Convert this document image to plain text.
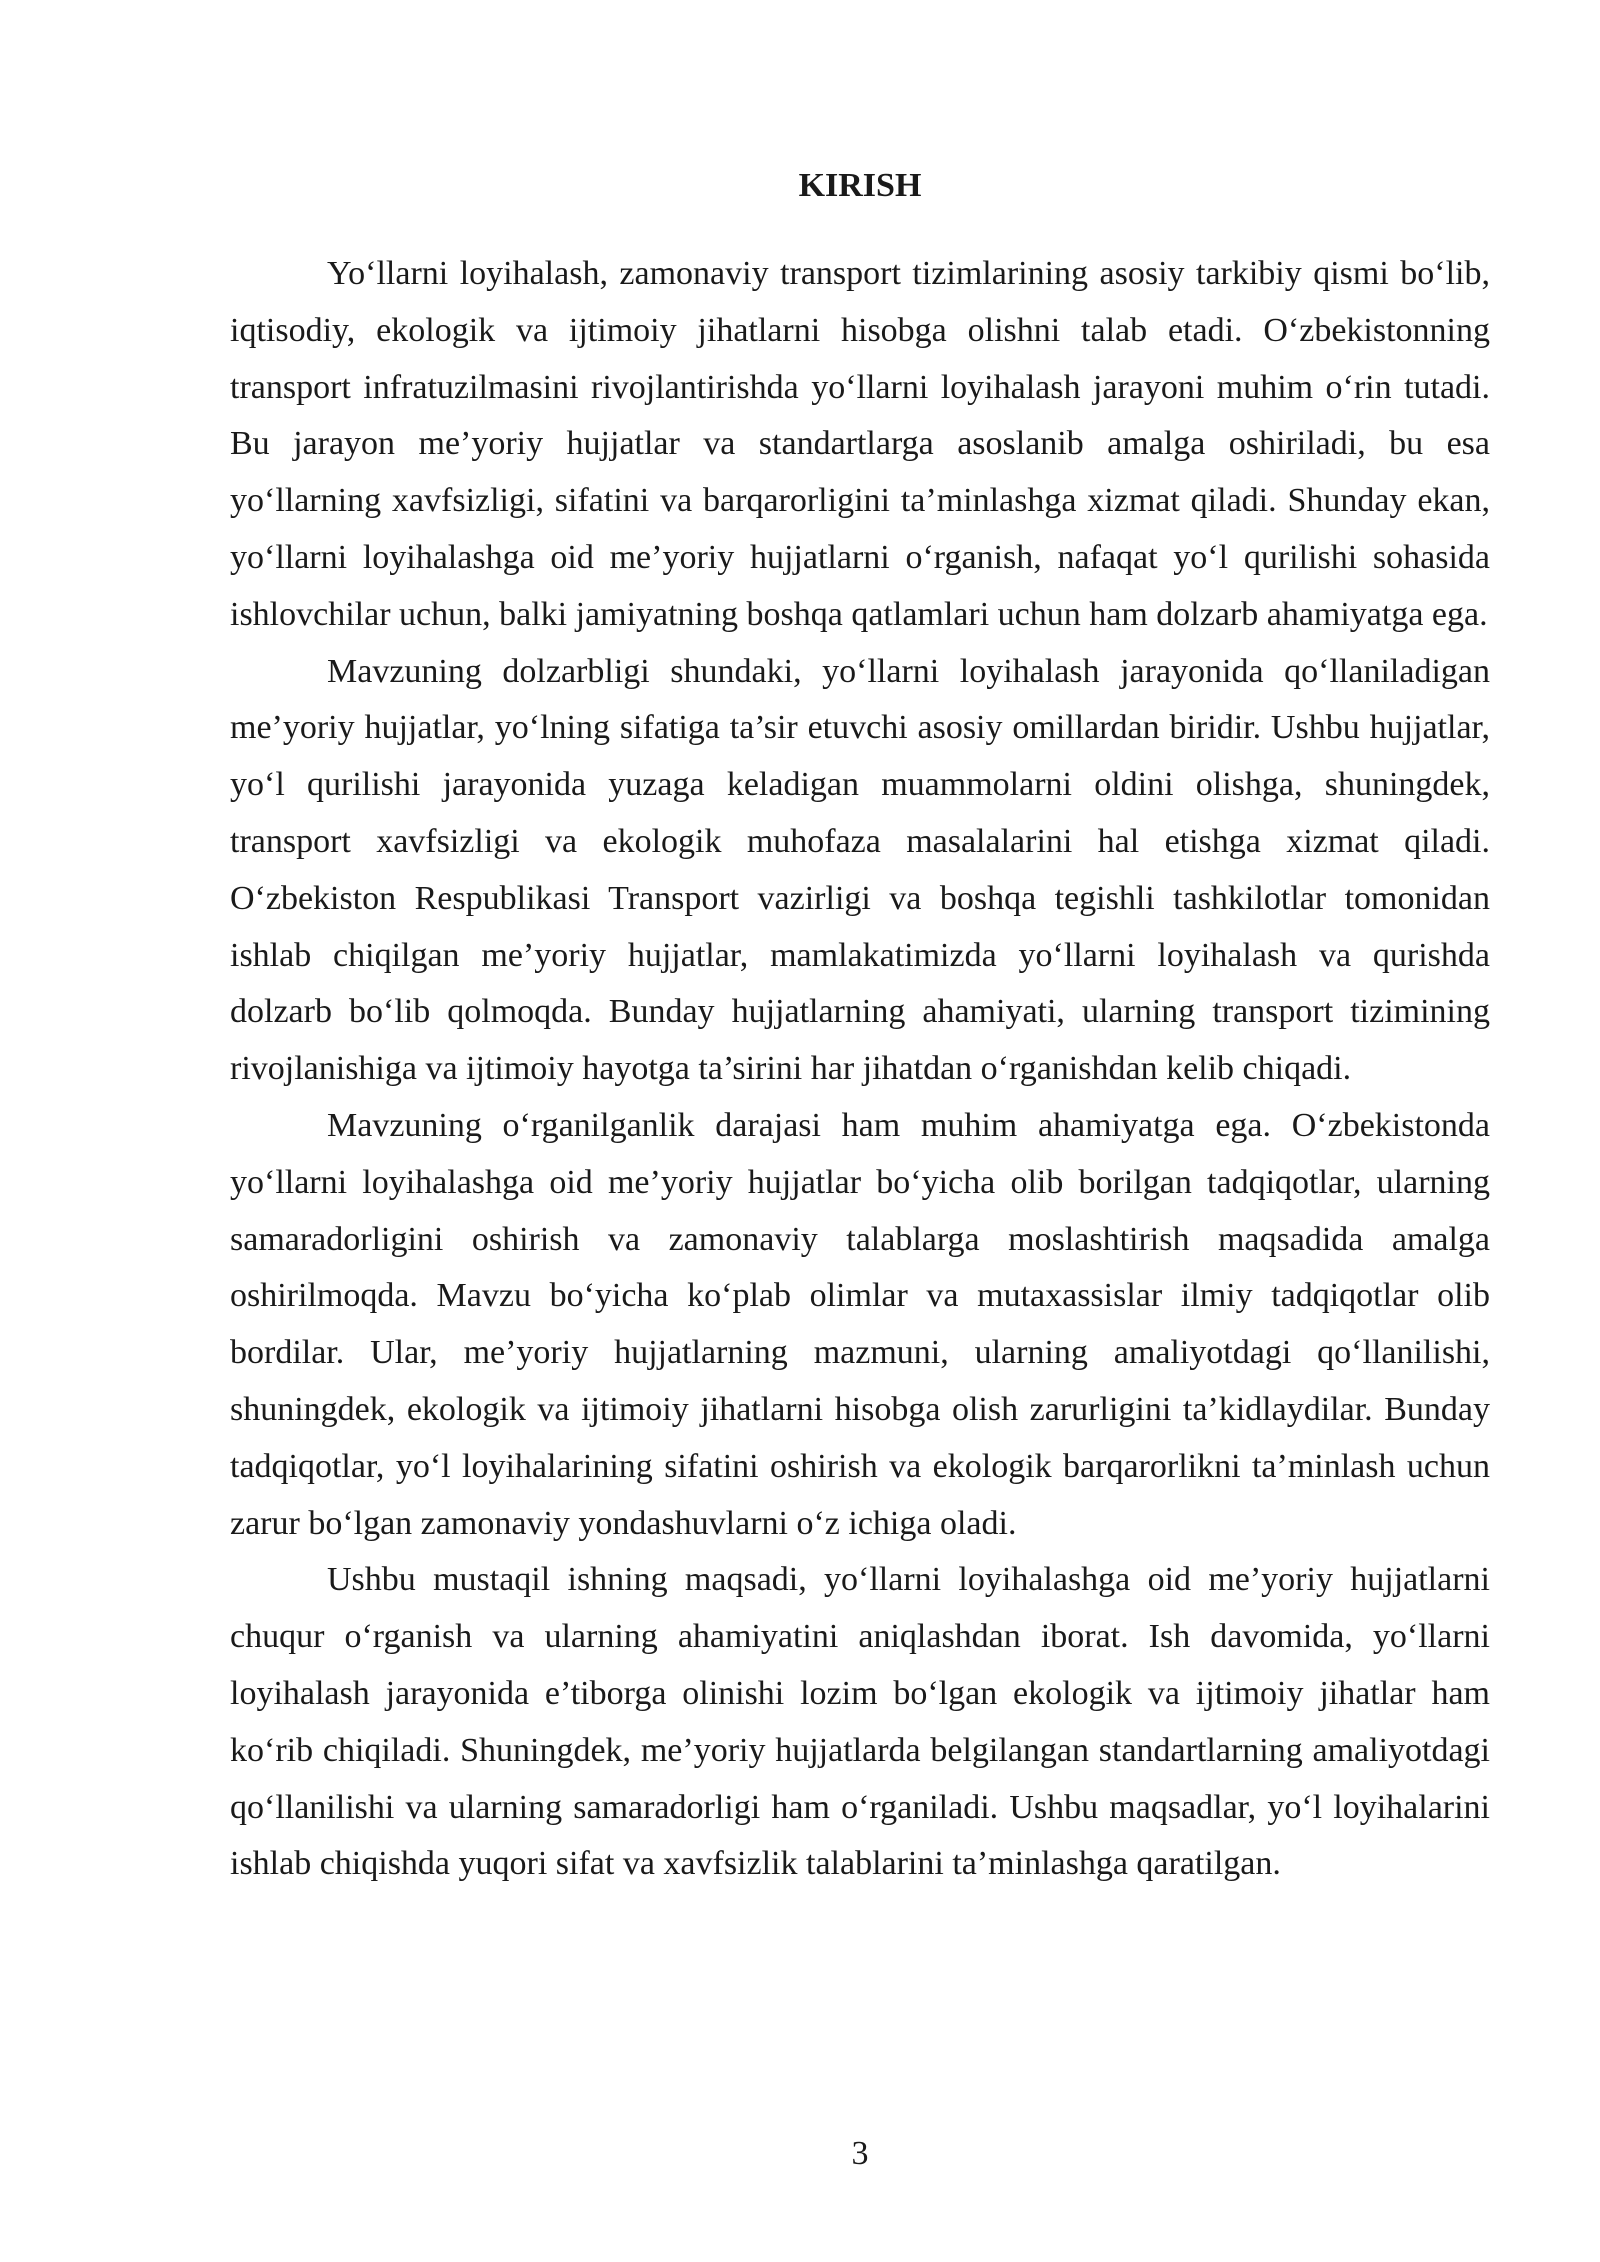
KIRISH

Yo‘llarni loyihalash, zamonaviy transport tizimlarining asosiy tarkibiy qismi bo‘lib, iqtisodiy, ekologik va ijtimoiy jihatlarni hisobga olishni talab etadi. O‘zbekistonning transport infratuzilmasini rivojlantirishda yo‘llarni loyihalash jarayoni muhim o‘rin tutadi. Bu jarayon me’yoriy hujjatlar va standartlarga asoslanib amalga oshiriladi, bu esa yo‘llarning xavfsizligi, sifatini va barqarorligini ta’minlashga xizmat qiladi. Shunday ekan, yo‘llarni loyihalashga oid me’yoriy hujjatlarni o‘rganish, nafaqat yo‘l qurilishi sohasida ishlovchilar uchun, balki jamiyatning boshqa qatlamlari uchun ham dolzarb ahamiyatga ega.

Mavzuning dolzarbligi shundaki, yo‘llarni loyihalash jarayonida qo‘llaniladigan me’yoriy hujjatlar, yo‘lning sifatiga ta’sir etuvchi asosiy omillardan biridir. Ushbu hujjatlar, yo‘l qurilishi jarayonida yuzaga keladigan muammolarni oldini olishga, shuningdek, transport xavfsizligi va ekologik muhofaza masalalarini hal etishga xizmat qiladi. O‘zbekiston Respublikasi Transport vazirligi va boshqa tegishli tashkilotlar tomonidan ishlab chiqilgan me’yoriy hujjatlar, mamlakatimizda yo‘llarni loyihalash va qurishda dolzarb bo‘lib qolmoqda. Bunday hujjatlarning ahamiyati, ularning transport tizimining rivojlanishiga va ijtimoiy hayotga ta’sirini har jihatdan o‘rganishdan kelib chiqadi.

Mavzuning o‘rganilganlik darajasi ham muhim ahamiyatga ega. O‘zbekistonda yo‘llarni loyihalashga oid me’yoriy hujjatlar bo‘yicha olib borilgan tadqiqotlar, ularning samaradorligini oshirish va zamonaviy talablarga moslashtirish maqsadida amalga oshirilmoqda. Mavzu bo‘yicha ko‘plab olimlar va mutaxassislar ilmiy tadqiqotlar olib bordilar. Ular, me’yoriy hujjatlarning mazmuni, ularning amaliyotdagi qo‘llanilishi, shuningdek, ekologik va ijtimoiy jihatlarni hisobga olish zarurligini ta’kidlaydilar. Bunday tadqiqotlar, yo‘l loyihalarining sifatini oshirish va ekologik barqarorlikni ta’minlash uchun zarur bo‘lgan zamonaviy yondashuvlarni o‘z ichiga oladi.

Ushbu mustaqil ishning maqsadi, yo‘llarni loyihalashga oid me’yoriy hujjatlarni chuqur o‘rganish va ularning ahamiyatini aniqlashdan iborat. Ish davomida, yo‘llarni loyihalash jarayonida e’tiborga olinishi lozim bo‘lgan ekologik va ijtimoiy jihatlar ham ko‘rib chiqiladi. Shuningdek, me’yoriy hujjatlarda belgilangan standartlarning amaliyotdagi qo‘llanilishi va ularning samaradorligi ham o‘rganiladi. Ushbu maqsadlar, yo‘l loyihalarini ishlab chiqishda yuqori sifat va xavfsizlik talablarini ta’minlashga qaratilgan.

3
